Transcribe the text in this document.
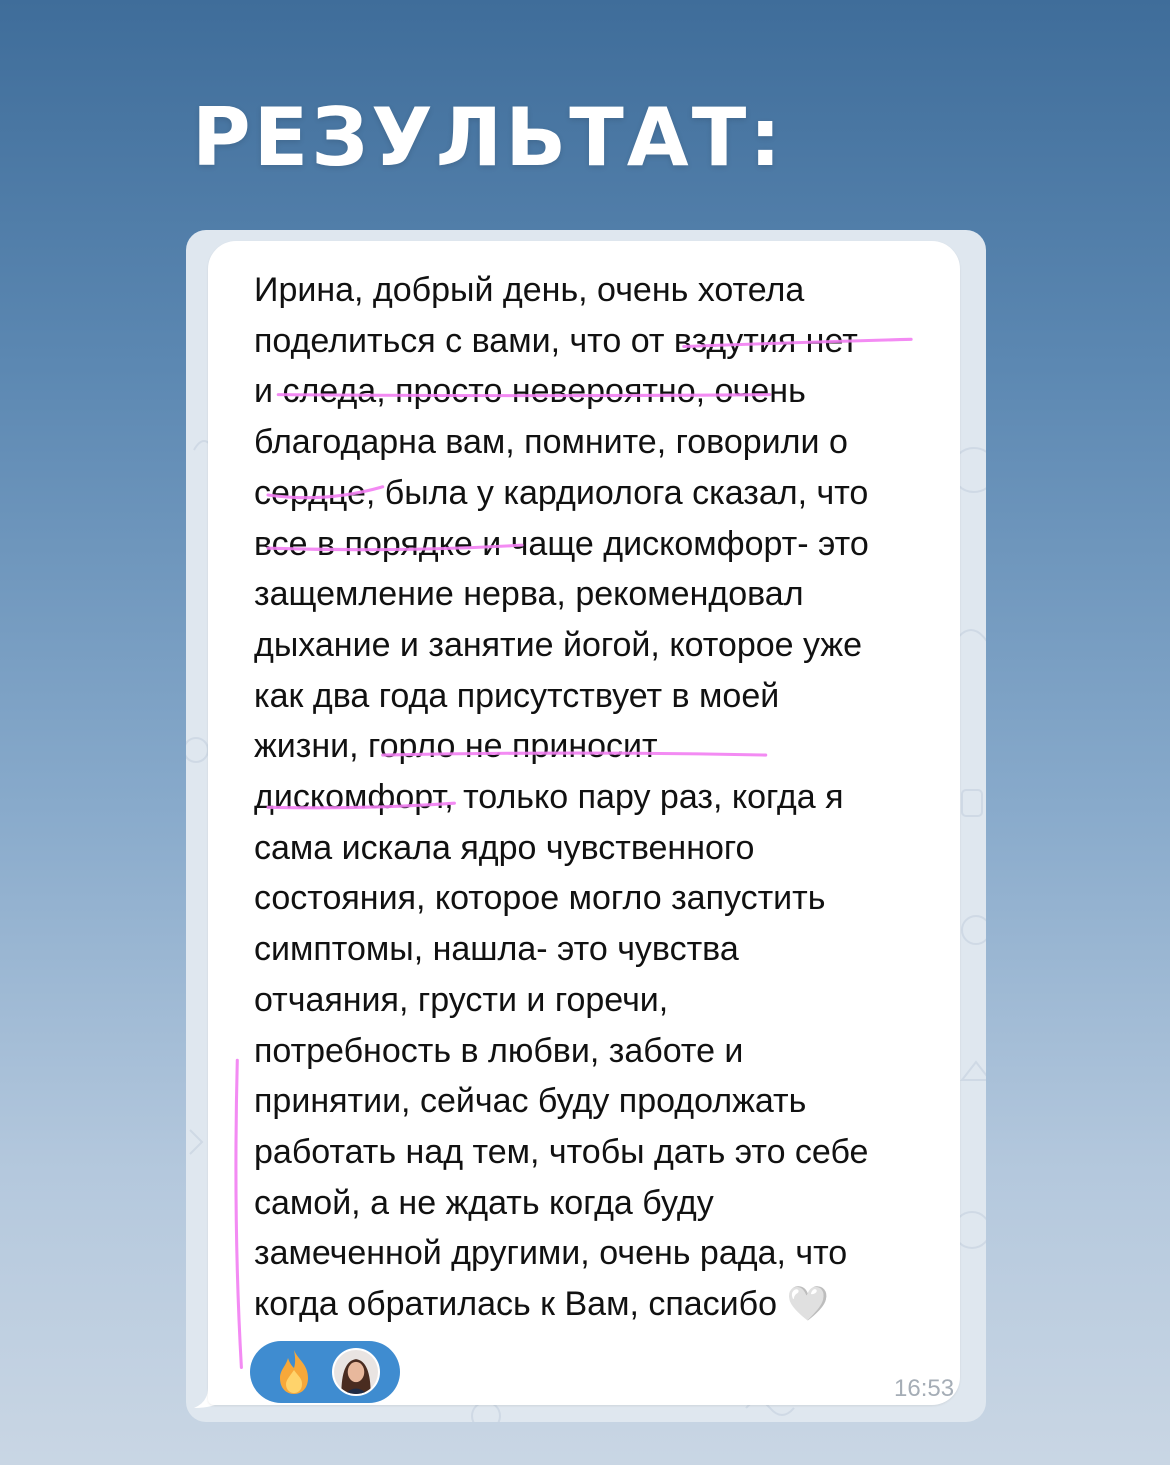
РЕЗУЛЬТАТ:

Ирина, добрый день, очень хотела
поделиться с вами, что от вздутия нет
и следа, просто невероятно, очень
благодарна вам, помните, говорили о
сердце, была у кардиолога сказал, что
все в порядке и чаще дискомфорт- это
защемление нерва, рекомендовал
дыхание и занятие йогой, которое уже
как два года присутствует в моей
жизни, горло не приносит
дискомфорт, только пару раз, когда я
сама искала ядро чувственного
состояния, которое могло запустить
симптомы, нашла- это чувства
отчаяния, грусти и горечи,
потребность в любви, заботе и
принятии, сейчас буду продолжать
работать над тем, чтобы дать это себе
самой, а не ждать когда буду
замеченной другими, очень рада, что
когда обратилась к Вам, спасибо 🤍

16:53
